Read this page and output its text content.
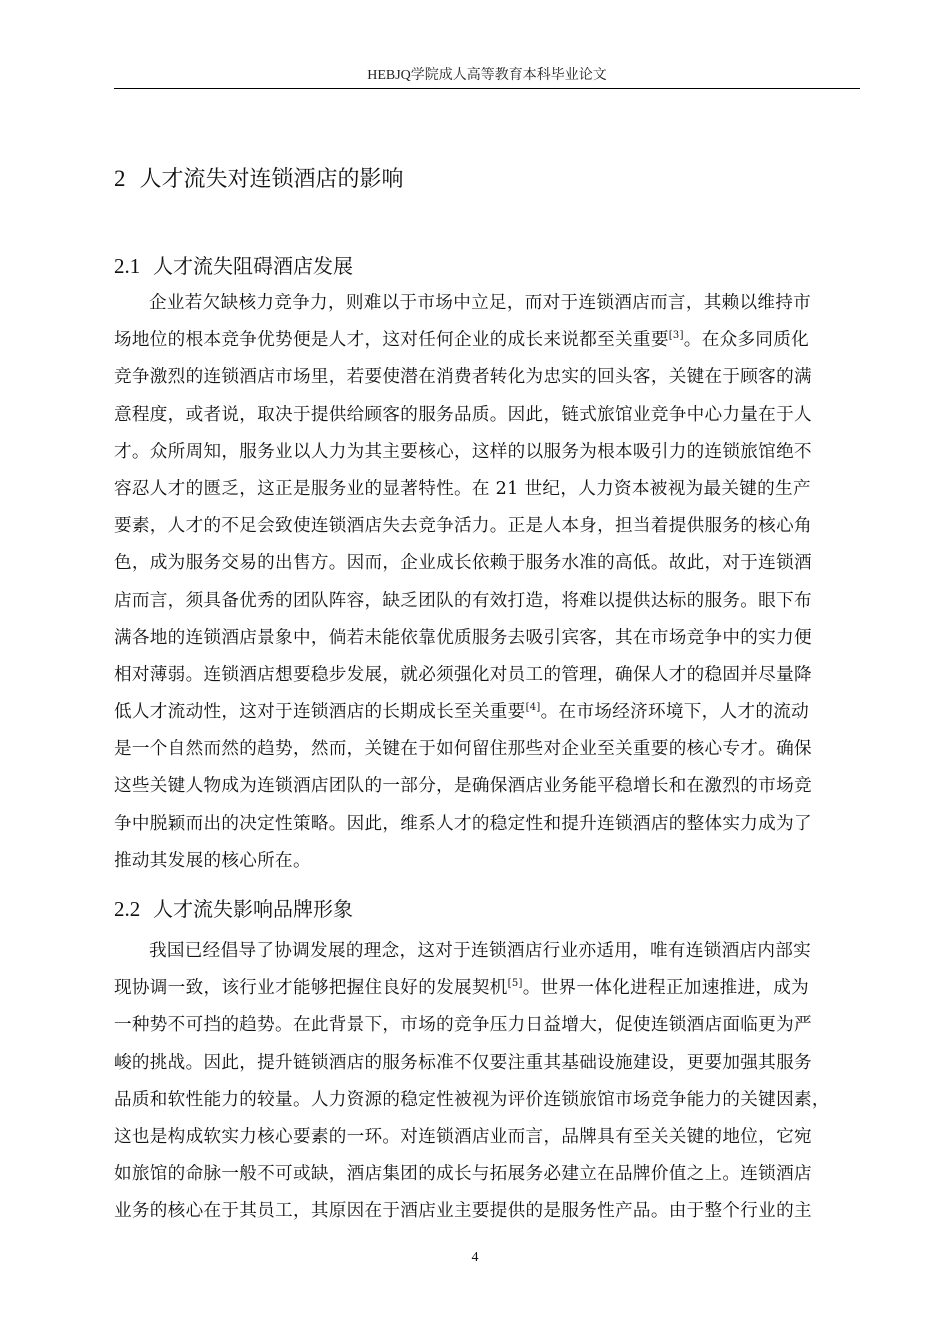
HEBJQ学院成人高等教育本科毕业论文
2 人才流失对连锁酒店的影响
2.1 人才流失阻碍酒店发展
企业若欠缺核力竞争力，则难以于市场中立足，而对于连锁酒店而言，其赖以维持市
场地位的根本竞争优势便是人才，这对任何企业的成长来说都至关重要[3]。在众多同质化
竞争激烈的连锁酒店市场里，若要使潜在消费者转化为忠实的回头客，关键在于顾客的满
意程度，或者说，取决于提供给顾客的服务品质。因此，链式旅馆业竞争中心力量在于人
才。众所周知，服务业以人力为其主要核心，这样的以服务为根本吸引力的连锁旅馆绝不
容忍人才的匮乏，这正是服务业的显著特性。在 21 世纪，人力资本被视为最关键的生产
要素，人才的不足会致使连锁酒店失去竞争活力。正是人本身，担当着提供服务的核心角
色，成为服务交易的出售方。因而，企业成长依赖于服务水准的高低。故此，对于连锁酒
店而言，须具备优秀的团队阵容，缺乏团队的有效打造，将难以提供达标的服务。眼下布
满各地的连锁酒店景象中，倘若未能依靠优质服务去吸引宾客，其在市场竞争中的实力便
相对薄弱。连锁酒店想要稳步发展，就必须强化对员工的管理，确保人才的稳固并尽量降
低人才流动性，这对于连锁酒店的长期成长至关重要[4]。在市场经济环境下，人才的流动
是一个自然而然的趋势，然而，关键在于如何留住那些对企业至关重要的核心专才。确保
这些关键人物成为连锁酒店团队的一部分，是确保酒店业务能平稳增长和在激烈的市场竞
争中脱颖而出的决定性策略。因此，维系人才的稳定性和提升连锁酒店的整体实力成为了
推动其发展的核心所在。
2.2 人才流失影响品牌形象
我国已经倡导了协调发展的理念，这对于连锁酒店行业亦适用，唯有连锁酒店内部实
现协调一致，该行业才能够把握住良好的发展契机[5]。世界一体化进程正加速推进，成为
一种势不可挡的趋势。在此背景下，市场的竞争压力日益增大，促使连锁酒店面临更为严
峻的挑战。因此，提升链锁酒店的服务标准不仅要注重其基础设施建设，更要加强其服务
品质和软性能力的较量。人力资源的稳定性被视为评价连锁旅馆市场竞争能力的关键因素，
这也是构成软实力核心要素的一环。对连锁酒店业而言，品牌具有至关关键的地位，它宛
如旅馆的命脉一般不可或缺，酒店集团的成长与拓展务必建立在品牌价值之上。连锁酒店
业务的核心在于其员工，其原因在于酒店业主要提供的是服务性产品。由于整个行业的主
4
